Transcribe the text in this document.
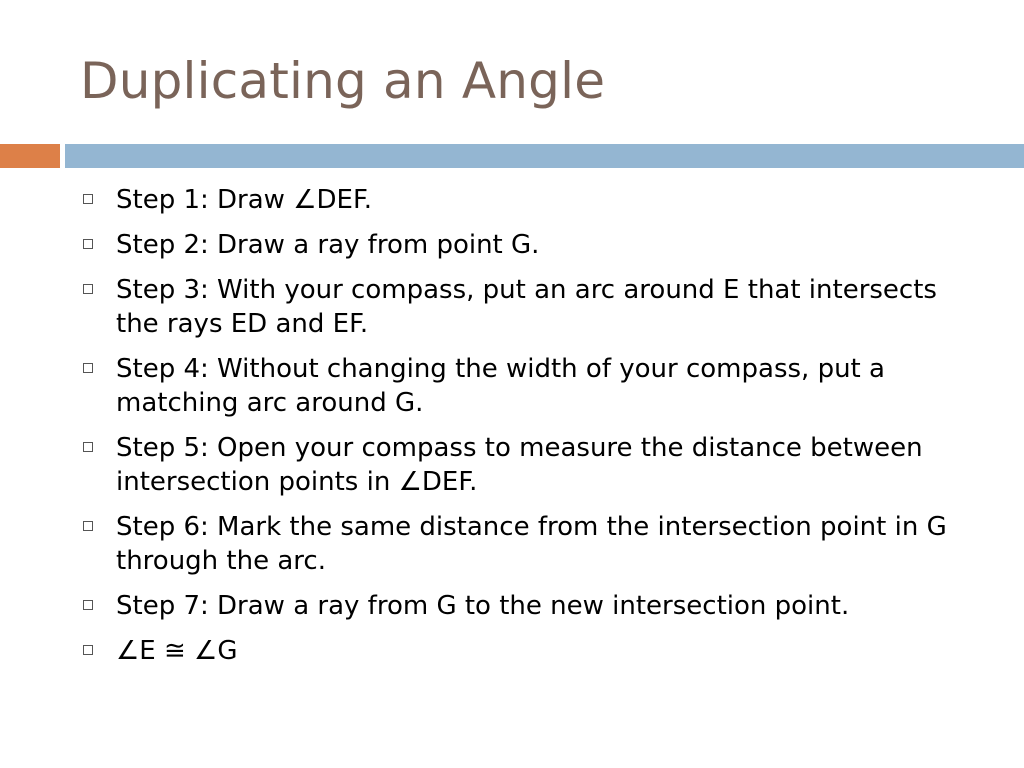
Duplicating an Angle
Step 1: Draw ∠DEF.
Step 2: Draw a ray from point G.
Step 3: With your compass, put an arc around E that intersects the rays ED and EF.
Step 4: Without changing the width of your compass, put a matching arc around G.
Step 5: Open your compass to measure the distance between intersection points in ∠DEF.
Step 6: Mark the same distance from the intersection point in G through the arc.
Step 7: Draw a ray from G to the new intersection point.
∠E ≅ ∠G
